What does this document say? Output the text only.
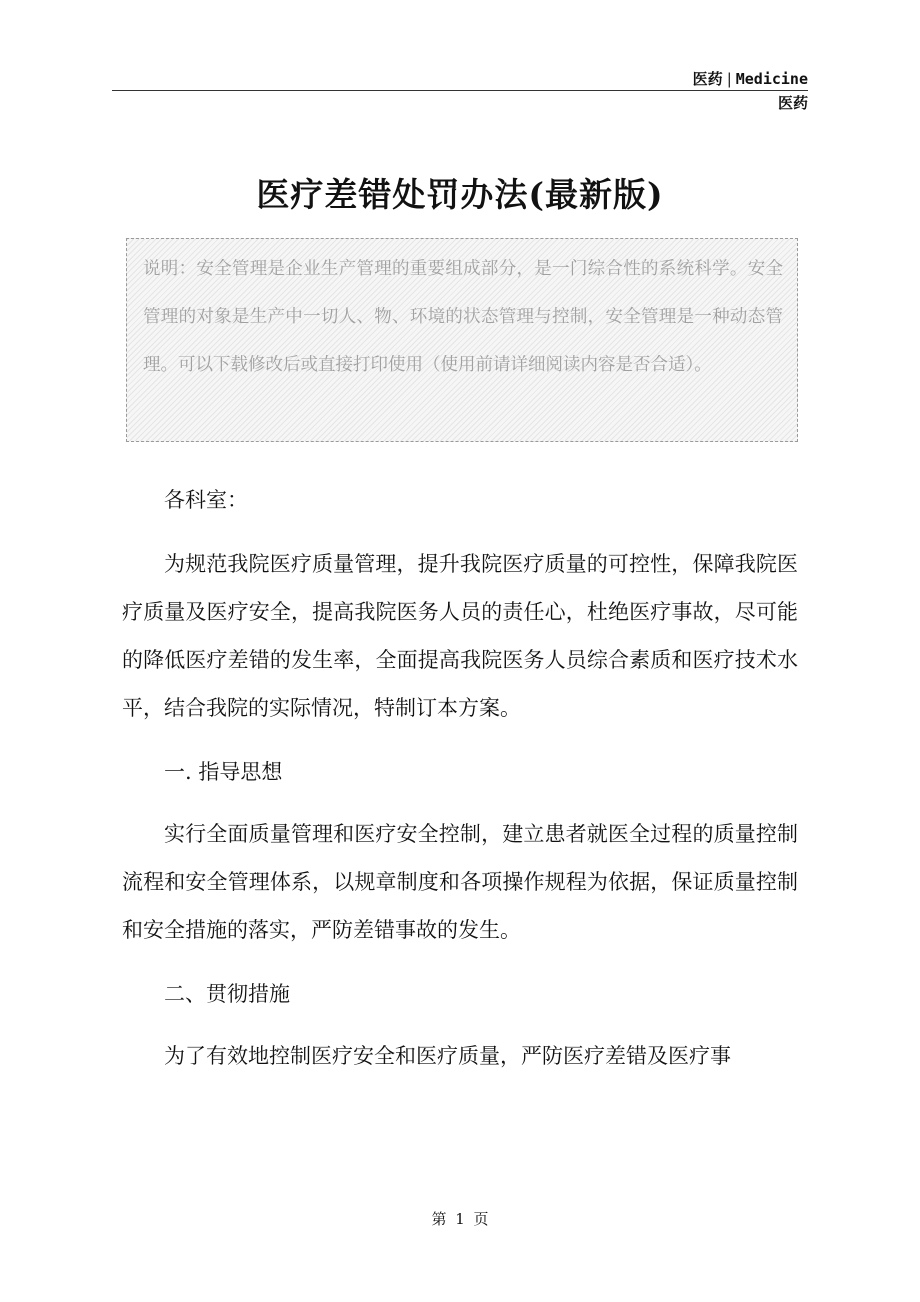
医药 | Medicine
医药
医疗差错处罚办法(最新版)

说明：安全管理是企业生产管理的重要组成部分，是一门综合性的系统科学。安全管理的对象是生产中一切人、物、环境的状态管理与控制，安全管理是一种动态管理。可以下载修改后或直接打印使用（使用前请详细阅读内容是否合适）。

各科室：

为规范我院医疗质量管理，提升我院医疗质量的可控性，保障我院医疗质量及医疗安全，提高我院医务人员的责任心，杜绝医疗事故，尽可能的降低医疗差错的发生率，全面提高我院医务人员综合素质和医疗技术水平，结合我院的实际情况，特制订本方案。

一. 指导思想

实行全面质量管理和医疗安全控制，建立患者就医全过程的质量控制流程和安全管理体系，以规章制度和各项操作规程为依据，保证质量控制和安全措施的落实，严防差错事故的发生。

二、贯彻措施

为了有效地控制医疗安全和医疗质量，严防医疗差错及医疗事

第 1 页
